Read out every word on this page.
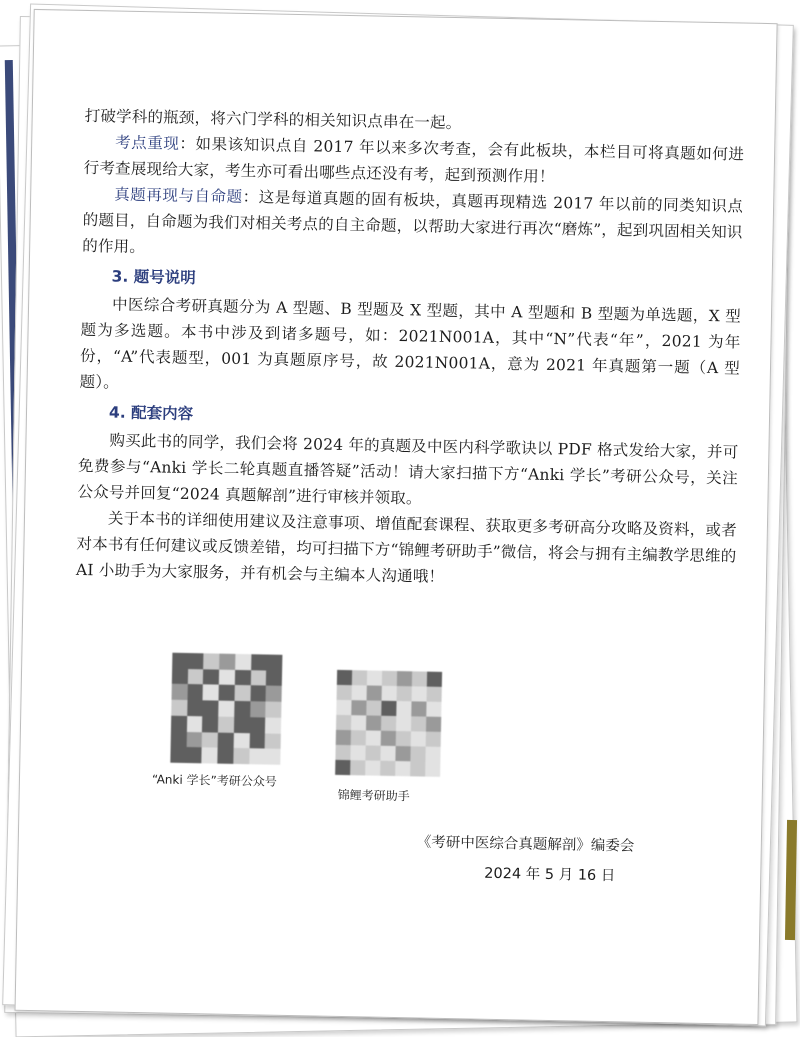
打破学科的瓶颈，将六门学科的相关知识点串在一起。

考点重现：如果该知识点自 2017 年以来多次考查，会有此板块，本栏目可将真题如何进行考查展现给大家，考生亦可看出哪些点还没有考，起到预测作用！

真题再现与自命题：这是每道真题的固有板块，真题再现精选 2017 年以前的同类知识点的题目，自命题为我们对相关考点的自主命题，以帮助大家进行再次“磨炼”，起到巩固相关知识的作用。

3. 题号说明

中医综合考研真题分为 A 型题、B 型题及 X 型题，其中 A 型题和 B 型题为单选题，X 型题为多选题。本书中涉及到诸多题号，如：2021N001A，其中“N”代表“年”，2021 为年份，“A”代表题型，001 为真题原序号，故 2021N001A，意为 2021 年真题第一题（A 型题）。

4. 配套内容

购买此书的同学，我们会将 2024 年的真题及中医内科学歌诀以 PDF 格式发给大家，并可免费参与“Anki 学长二轮真题直播答疑”活动！请大家扫描下方“Anki 学长”考研公众号，关注公众号并回复“2024 真题解剖”进行审核并领取。

关于本书的详细使用建议及注意事项、增值配套课程、获取更多考研高分攻略及资料，或者对本书有任何建议或反馈差错，均可扫描下方“锦鲤考研助手”微信，将会与拥有主编教学思维的 AI 小助手为大家服务，并有机会与主编本人沟通哦！

“Anki 学长”考研公众号
锦鲤考研助手
《考研中医综合真题解剖》编委会
2024 年 5 月 16 日
